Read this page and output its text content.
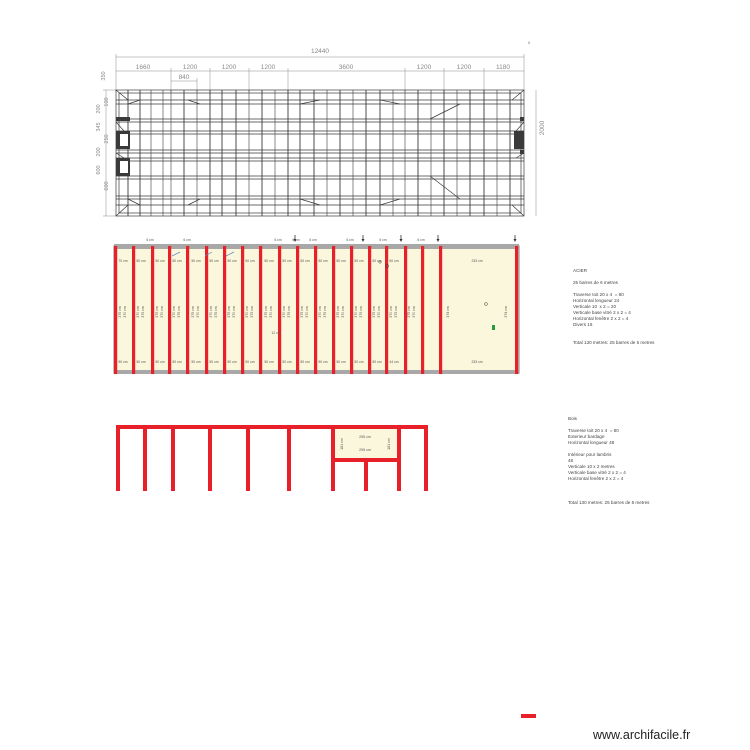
12440
1660	1200	1200	1200	3600	1200	1200	1180
840
8
350
200
345
200
600
100
250
600
2000
6 cm	6 cm	6 cm	6 cm	6 cm	6 cm	6 cm	6 cm
70 cm	50 cm	50 cm 50 cm	50 cm	50 cm	50 cm	50 cm	50 cm	50 cm	50 cm	50 cm	50 cm	50 cm	50 cm 50 cm	233 cm
50 cm	50 cm	50 cm 50 cm	50 cm	50 cm	50 cm	50 cm	50 cm	50 cm	50 cm	50 cm	50 cm	50 cm	50 cm 44 cm	233 cm
375 cm 370 cm	370 cm 375 cm	375 cm 370 cm 370 cm 375 cm	375 cm 370 cm	370 cm 375 cm	375 cm 370 cm	370 cm 375 cm	375 cm 370 cm	370 cm 375 cm	375 cm 370 cm	370 cm 375 cm	375 cm 370 cm	370 cm 375 cm	375 cm 370 cm 370 cm 375 cm	375 cm 370 cm	374 cm	374 cm
12 cm
295 cm
295 cm
181 cm	181 cm
ACIER
25 barres de 6 metres
Traverse toit 20 x 4  = 80
Horizontal longueur 24
Verticale 10  x 2 = 20
Verticale base vitré 2 x 2 = 4
Horizontal fenêtre 2 x 2 = 4
Divers 16
Total 130 metres: 25 barres de 6 metres
Bois
Traverse toit 20 x 4  = 80
Exterieur bardage
Horizontal longueur 48
Intérieur pour lambris
48
Verticale 10 x 2 metres
Verticale base vitré 2 x 2 = 4
Horizontal fenêtre 2 x 2 = 4
Total 130 metres: 25 barres de 6 metres
www.archifacile.fr
